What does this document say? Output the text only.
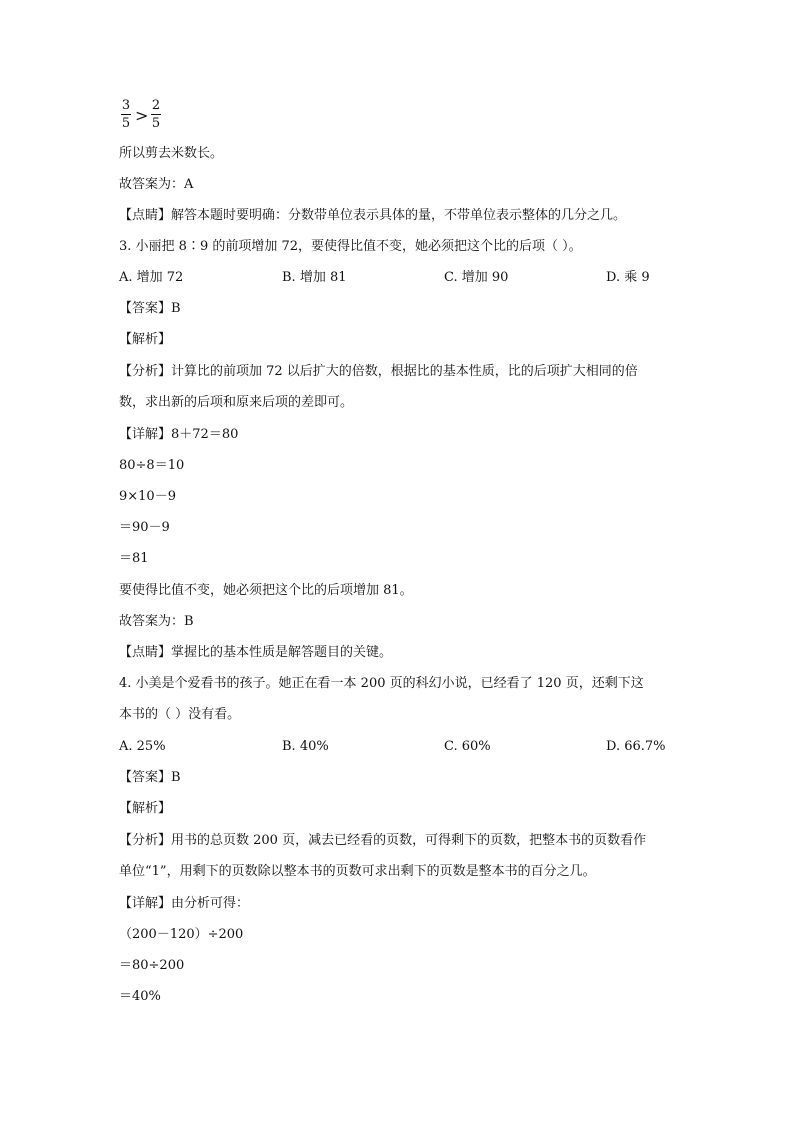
3
5 >
2
5
所以剪去米数长。
故答案为：A
【点睛】解答本题时要明确：分数带单位表示具体的量，不带单位表示整体的几分之几。
3. 小丽把 8∶9 的前项增加 72，要使得比值不变，她必须把这个比的后项（ ）。
A. 增加 72	B. 增加 81	C. 增加 90	D. 乘 9
【答案】B
【解析】
【分析】计算比的前项加 72 以后扩大的倍数，根据比的基本性质，比的后项扩大相同的倍
数，求出新的后项和原来后项的差即可。
【详解】8＋72＝80
80÷8＝10
9×10－9
＝90－9
＝81
要使得比值不变，她必须把这个比的后项增加 81。
故答案为：B
【点睛】掌握比的基本性质是解答题目的关键。
4. 小美是个爱看书的孩子。她正在看一本 200 页的科幻小说，已经看了 120 页，还剩下这
本书的（ ）没有看。
A. 25%	B. 40%	C. 60%	D. 66.7%
【答案】B
【解析】
【分析】用书的总页数 200 页，减去已经看的页数，可得剩下的页数，把整本书的页数看作
单位“1”，用剩下的页数除以整本书的页数可求出剩下的页数是整本书的百分之几。
【详解】由分析可得：
（200－120）÷200
＝80÷200
＝40%
